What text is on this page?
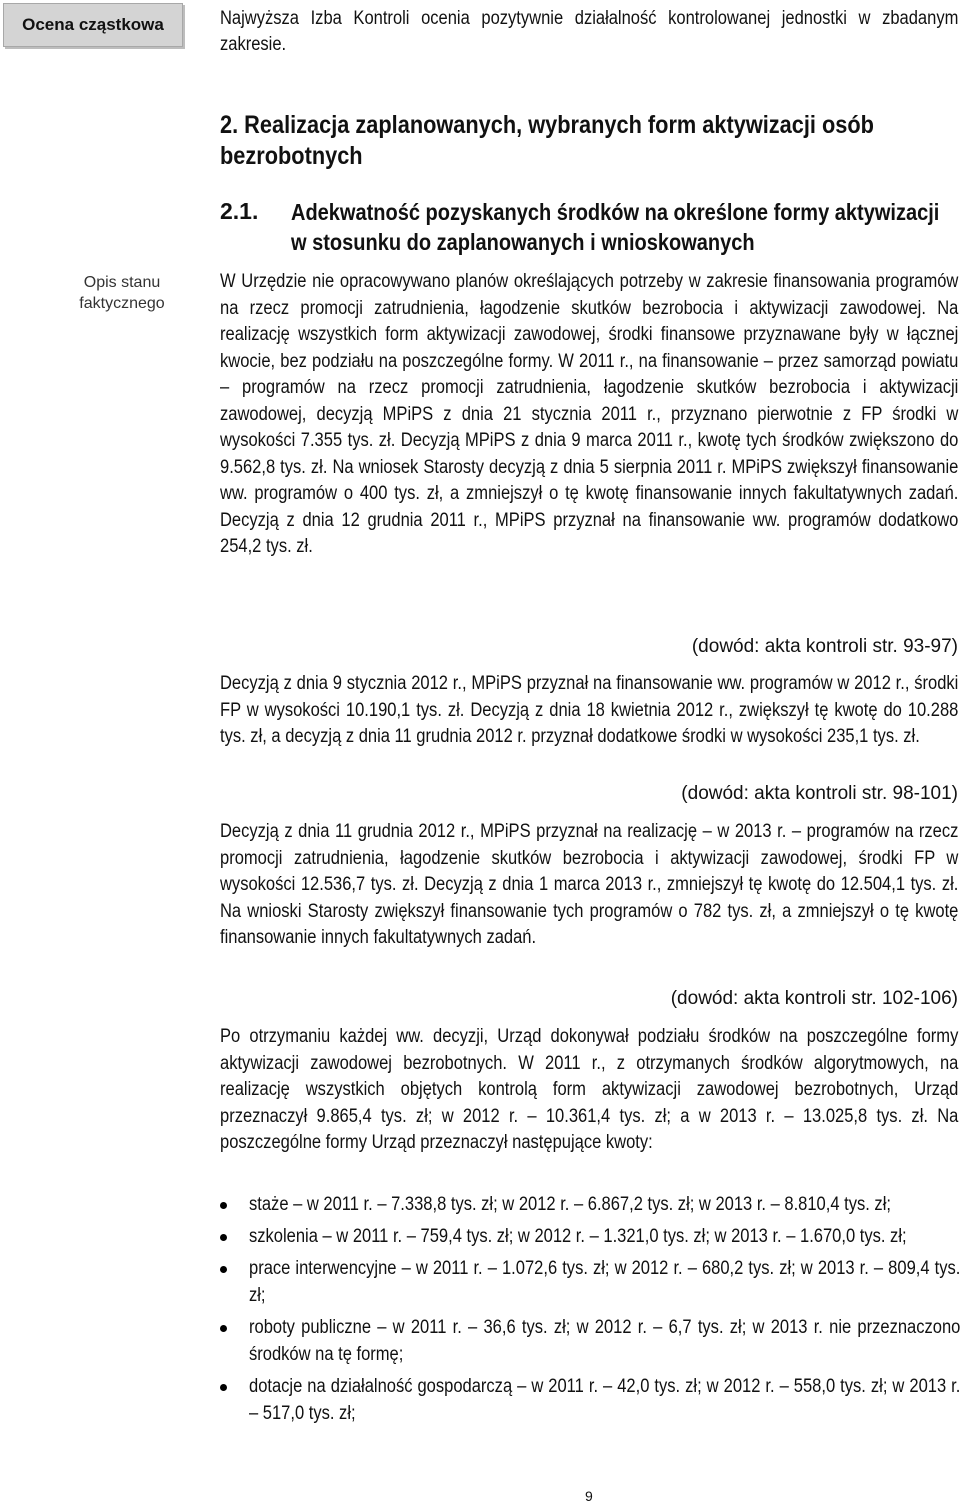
Ocena cząstkowa	Najwyższa Izba Kontroli ocenia pozytywnie działalność kontrolowanej jednostki w zbadanym zakresie.
2. Realizacja zaplanowanych, wybranych form aktywizacji osób bezrobotnych
2.1. Adekwatność pozyskanych środków na określone formy aktywizacji w stosunku do zaplanowanych i wnioskowanych
Opis stanu
faktycznego
W Urzędzie nie opracowywano planów określających potrzeby w zakresie finansowania programów na rzecz promocji zatrudnienia, łagodzenie skutków bezrobocia i aktywizacji zawodowej. Na realizację wszystkich form aktywizacji zawodowej, środki finansowe przyznawane były w łącznej kwocie, bez podziału na poszczególne formy. W 2011 r., na finansowanie – przez samorząd powiatu – programów na rzecz promocji zatrudnienia, łagodzenie skutków bezrobocia i aktywizacji zawodowej, decyzją MPiPS z dnia 21 stycznia 2011 r., przyznano pierwotnie z FP środki w wysokości 7.355 tys. zł. Decyzją MPiPS z dnia 9 marca 2011 r., kwotę tych środków zwiększono do 9.562,8 tys. zł. Na wniosek Starosty decyzją z dnia 5 sierpnia 2011 r. MPiPS zwiększył finansowanie ww. programów o 400 tys. zł, a zmniejszył o tę kwotę finansowanie innych fakultatywnych zadań. Decyzją z dnia 12 grudnia 2011 r., MPiPS przyznał na finansowanie ww. programów dodatkowo 254,2 tys. zł.
(dowód: akta kontroli str. 93-97)
Decyzją z dnia 9 stycznia 2012 r., MPiPS przyznał na finansowanie ww. programów w 2012 r., środki FP w wysokości 10.190,1 tys. zł. Decyzją z dnia 18 kwietnia 2012 r., zwiększył tę kwotę do 10.288 tys. zł, a decyzją z dnia 11 grudnia 2012 r. przyznał dodatkowe środki w wysokości 235,1 tys. zł.
(dowód: akta kontroli str. 98-101)
Decyzją z dnia 11 grudnia 2012 r., MPiPS przyznał na realizację – w 2013 r. – programów na rzecz promocji zatrudnienia, łagodzenie skutków bezrobocia i aktywizacji zawodowej, środki FP w wysokości 12.536,7 tys. zł. Decyzją z dnia 1 marca 2013 r., zmniejszył tę kwotę do 12.504,1 tys. zł. Na wnioski Starosty zwiększył finansowanie tych programów o 782 tys. zł, a zmniejszył o tę kwotę finansowanie innych fakultatywnych zadań.
(dowód: akta kontroli str. 102-106)
Po otrzymaniu każdej ww. decyzji, Urząd dokonywał podziału środków na poszczególne formy aktywizacji zawodowej bezrobotnych. W 2011 r., z otrzymanych środków algorytmowych, na realizację wszystkich objętych kontrolą form aktywizacji zawodowej bezrobotnych, Urząd przeznaczył 9.865,4 tys. zł; w 2012 r. – 10.361,4 tys. zł; a w 2013 r. – 13.025,8 tys. zł. Na poszczególne formy Urząd przeznaczył następujące kwoty:
staże – w 2011 r. – 7.338,8 tys. zł; w 2012 r. – 6.867,2 tys. zł; w 2013 r. – 8.810,4 tys. zł;
szkolenia – w 2011 r. – 759,4 tys. zł; w 2012 r. – 1.321,0 tys. zł; w 2013 r. – 1.670,0 tys. zł;
prace interwencyjne – w 2011 r. – 1.072,6 tys. zł; w 2012 r. – 680,2 tys. zł; w 2013 r. – 809,4 tys. zł;
roboty publiczne – w 2011 r. – 36,6 tys. zł; w 2012 r. – 6,7 tys. zł; w 2013 r. nie przeznaczono środków na tę formę;
dotacje na działalność gospodarczą – w 2011 r. – 42,0 tys. zł; w 2012 r. – 558,0 tys. zł; w 2013 r. – 517,0 tys. zł;
9
